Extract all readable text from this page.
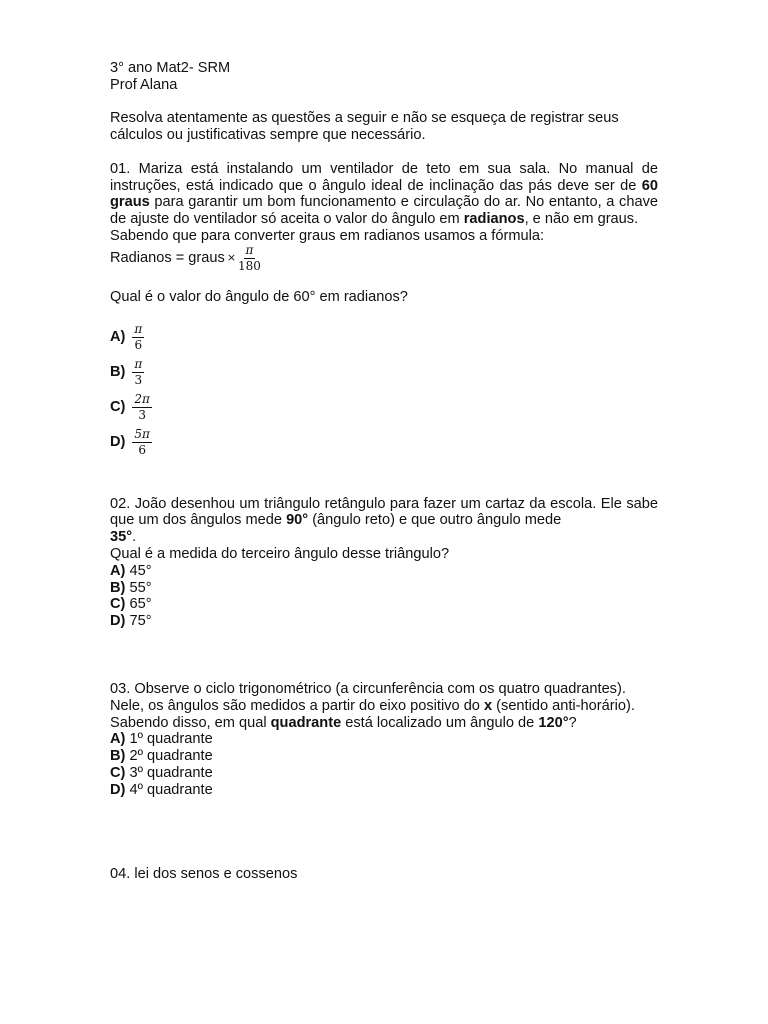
3° ano Mat2- SRM
Prof Alana
Resolva atentamente as questões a seguir e não se esqueça de registrar seus
cálculos ou justificativas sempre que necessário.
01. Mariza está instalando um ventilador de teto em sua sala. No manual de instruções, está indicado que o ângulo ideal de inclinação das pás deve ser de 60 graus para garantir um bom funcionamento e circulação do ar. No entanto, a chave de ajuste do ventilador só aceita o valor do ângulo em radianos, e não em graus.
Sabendo que para converter graus em radianos usamos a fórmula:
Radianos = graus × $\frac{\pi}{180}$
Qual é o valor do ângulo de 60° em radianos?
$A) \frac{\pi}{6}$
$B) \frac{\pi}{3}$
$C) \frac{2\pi}{3}$
$D) \frac{5\pi}{6}$
02. João desenhou um triângulo retângulo para fazer um cartaz da escola. Ele sabe que um dos ângulos mede 90° (ângulo reto) e que outro ângulo mede
35°.
Qual é a medida do terceiro ângulo desse triângulo?
A) 45°
B) 55°
C) 65°
D) 75°
03. Observe o ciclo trigonométrico (a circunferência com os quatro quadrantes). Nele, os ângulos são medidos a partir do eixo positivo do x (sentido anti-horário).
Sabendo disso, em qual quadrante está localizado um ângulo de 120°?
A) 1º quadrante
B) 2º quadrante
C) 3º quadrante
D) 4º quadrante
04. lei dos senos e cossenos
